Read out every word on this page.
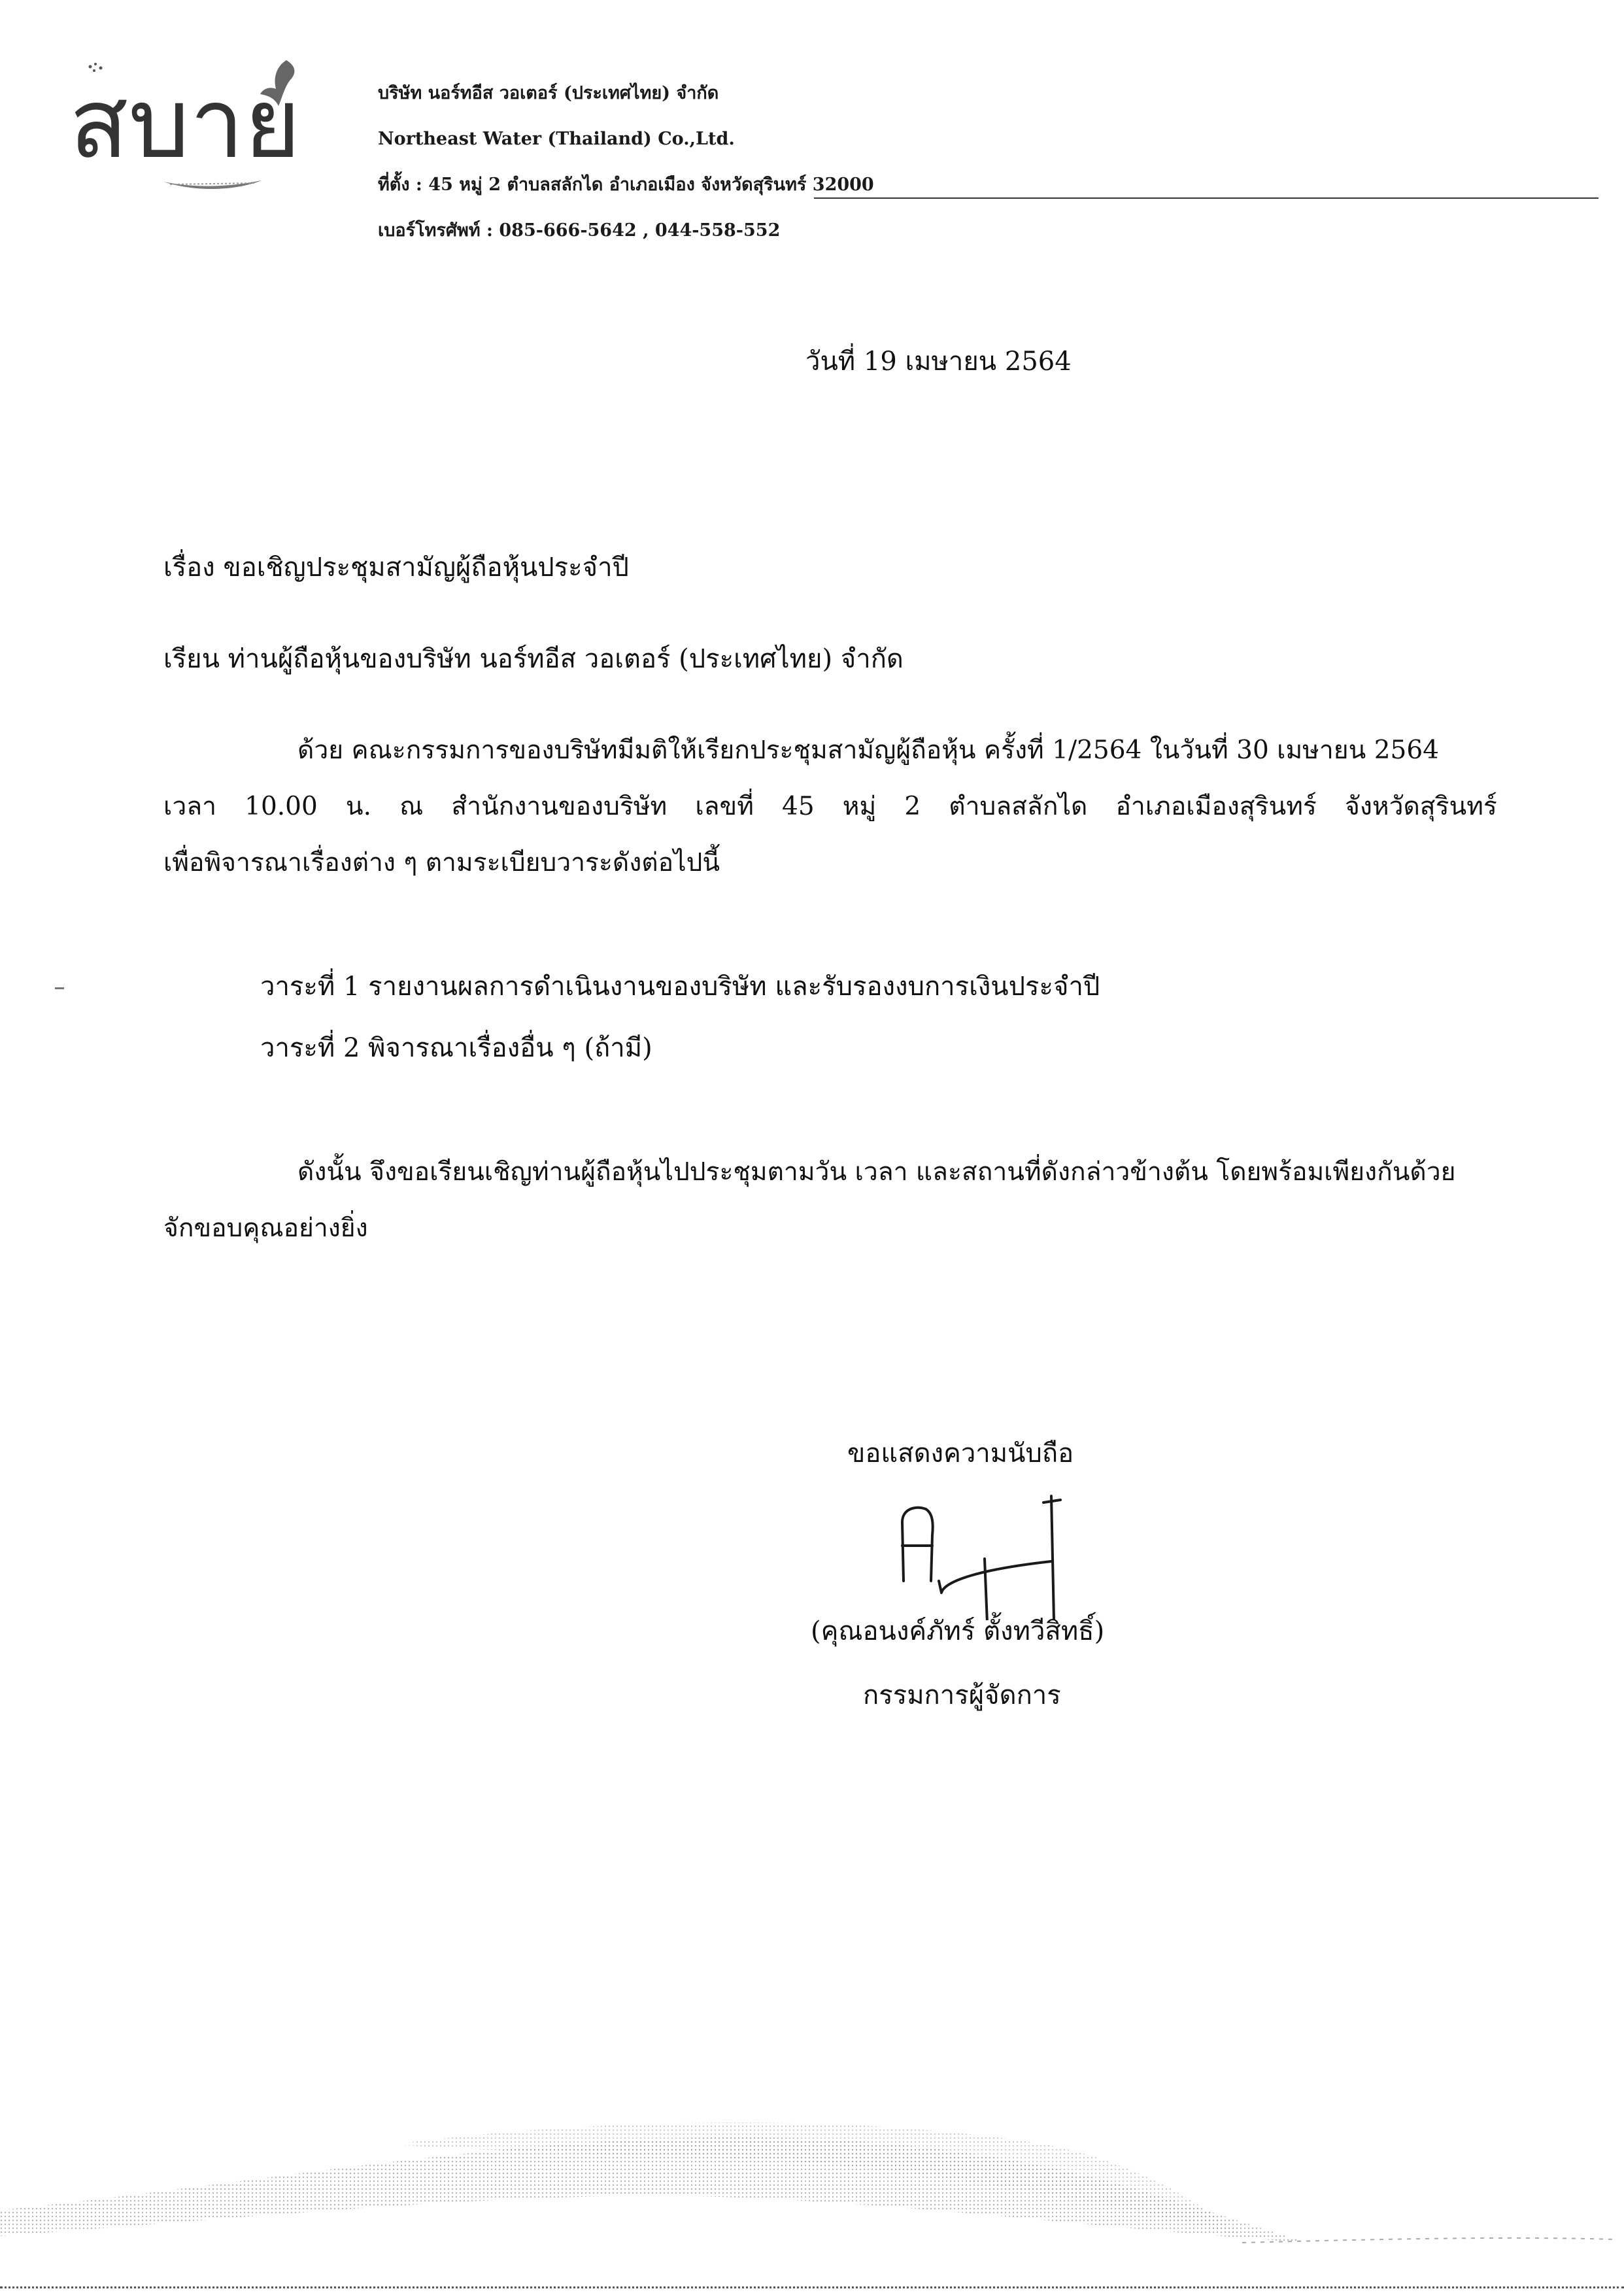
สบาย	บริษัท นอร์ทอีส วอเตอร์ (ประเทศไทย) จำกัด
Northeast Water (Thailand) Co.,Ltd.
ที่ตั้ง : 45 หมู่ 2 ตำบลสลักได อำเภอเมือง จังหวัดสุรินทร์ 32000
เบอร์โทรศัพท์ : 085-666-5642 , 044-558-552
วันที่ 19 เมษายน 2564
เรื่อง ขอเชิญประชุมสามัญผู้ถือหุ้นประจำปี
เรียน ท่านผู้ถือหุ้นของบริษัท นอร์ทอีส วอเตอร์ (ประเทศไทย) จำกัด
ด้วย คณะกรรมการของบริษัทมีมติให้เรียกประชุมสามัญผู้ถือหุ้น ครั้งที่ 1/2564 ในวันที่ 30 เมษายน 2564
เวลา 10.00 น. ณ สำนักงานของบริษัท เลขที่ 45 หมู่ 2 ตำบลสลักได อำเภอเมืองสุรินทร์ จังหวัดสุรินทร์
เพื่อพิจารณาเรื่องต่าง ๆ ตามระเบียบวาระดังต่อไปนี้
วาระที่ 1 รายงานผลการดำเนินงานของบริษัท และรับรองงบการเงินประจำปี
วาระที่ 2 พิจารณาเรื่องอื่น ๆ (ถ้ามี)
ดังนั้น จึงขอเรียนเชิญท่านผู้ถือหุ้นไปประชุมตามวัน เวลา และสถานที่ดังกล่าวข้างต้น โดยพร้อมเพียงกันด้วย
จักขอบคุณอย่างยิ่ง
ขอแสดงความนับถือ
(คุณอนงค์ภัทร์ ตั้งทวีสิทธิ์)
กรรมการผู้จัดการ
